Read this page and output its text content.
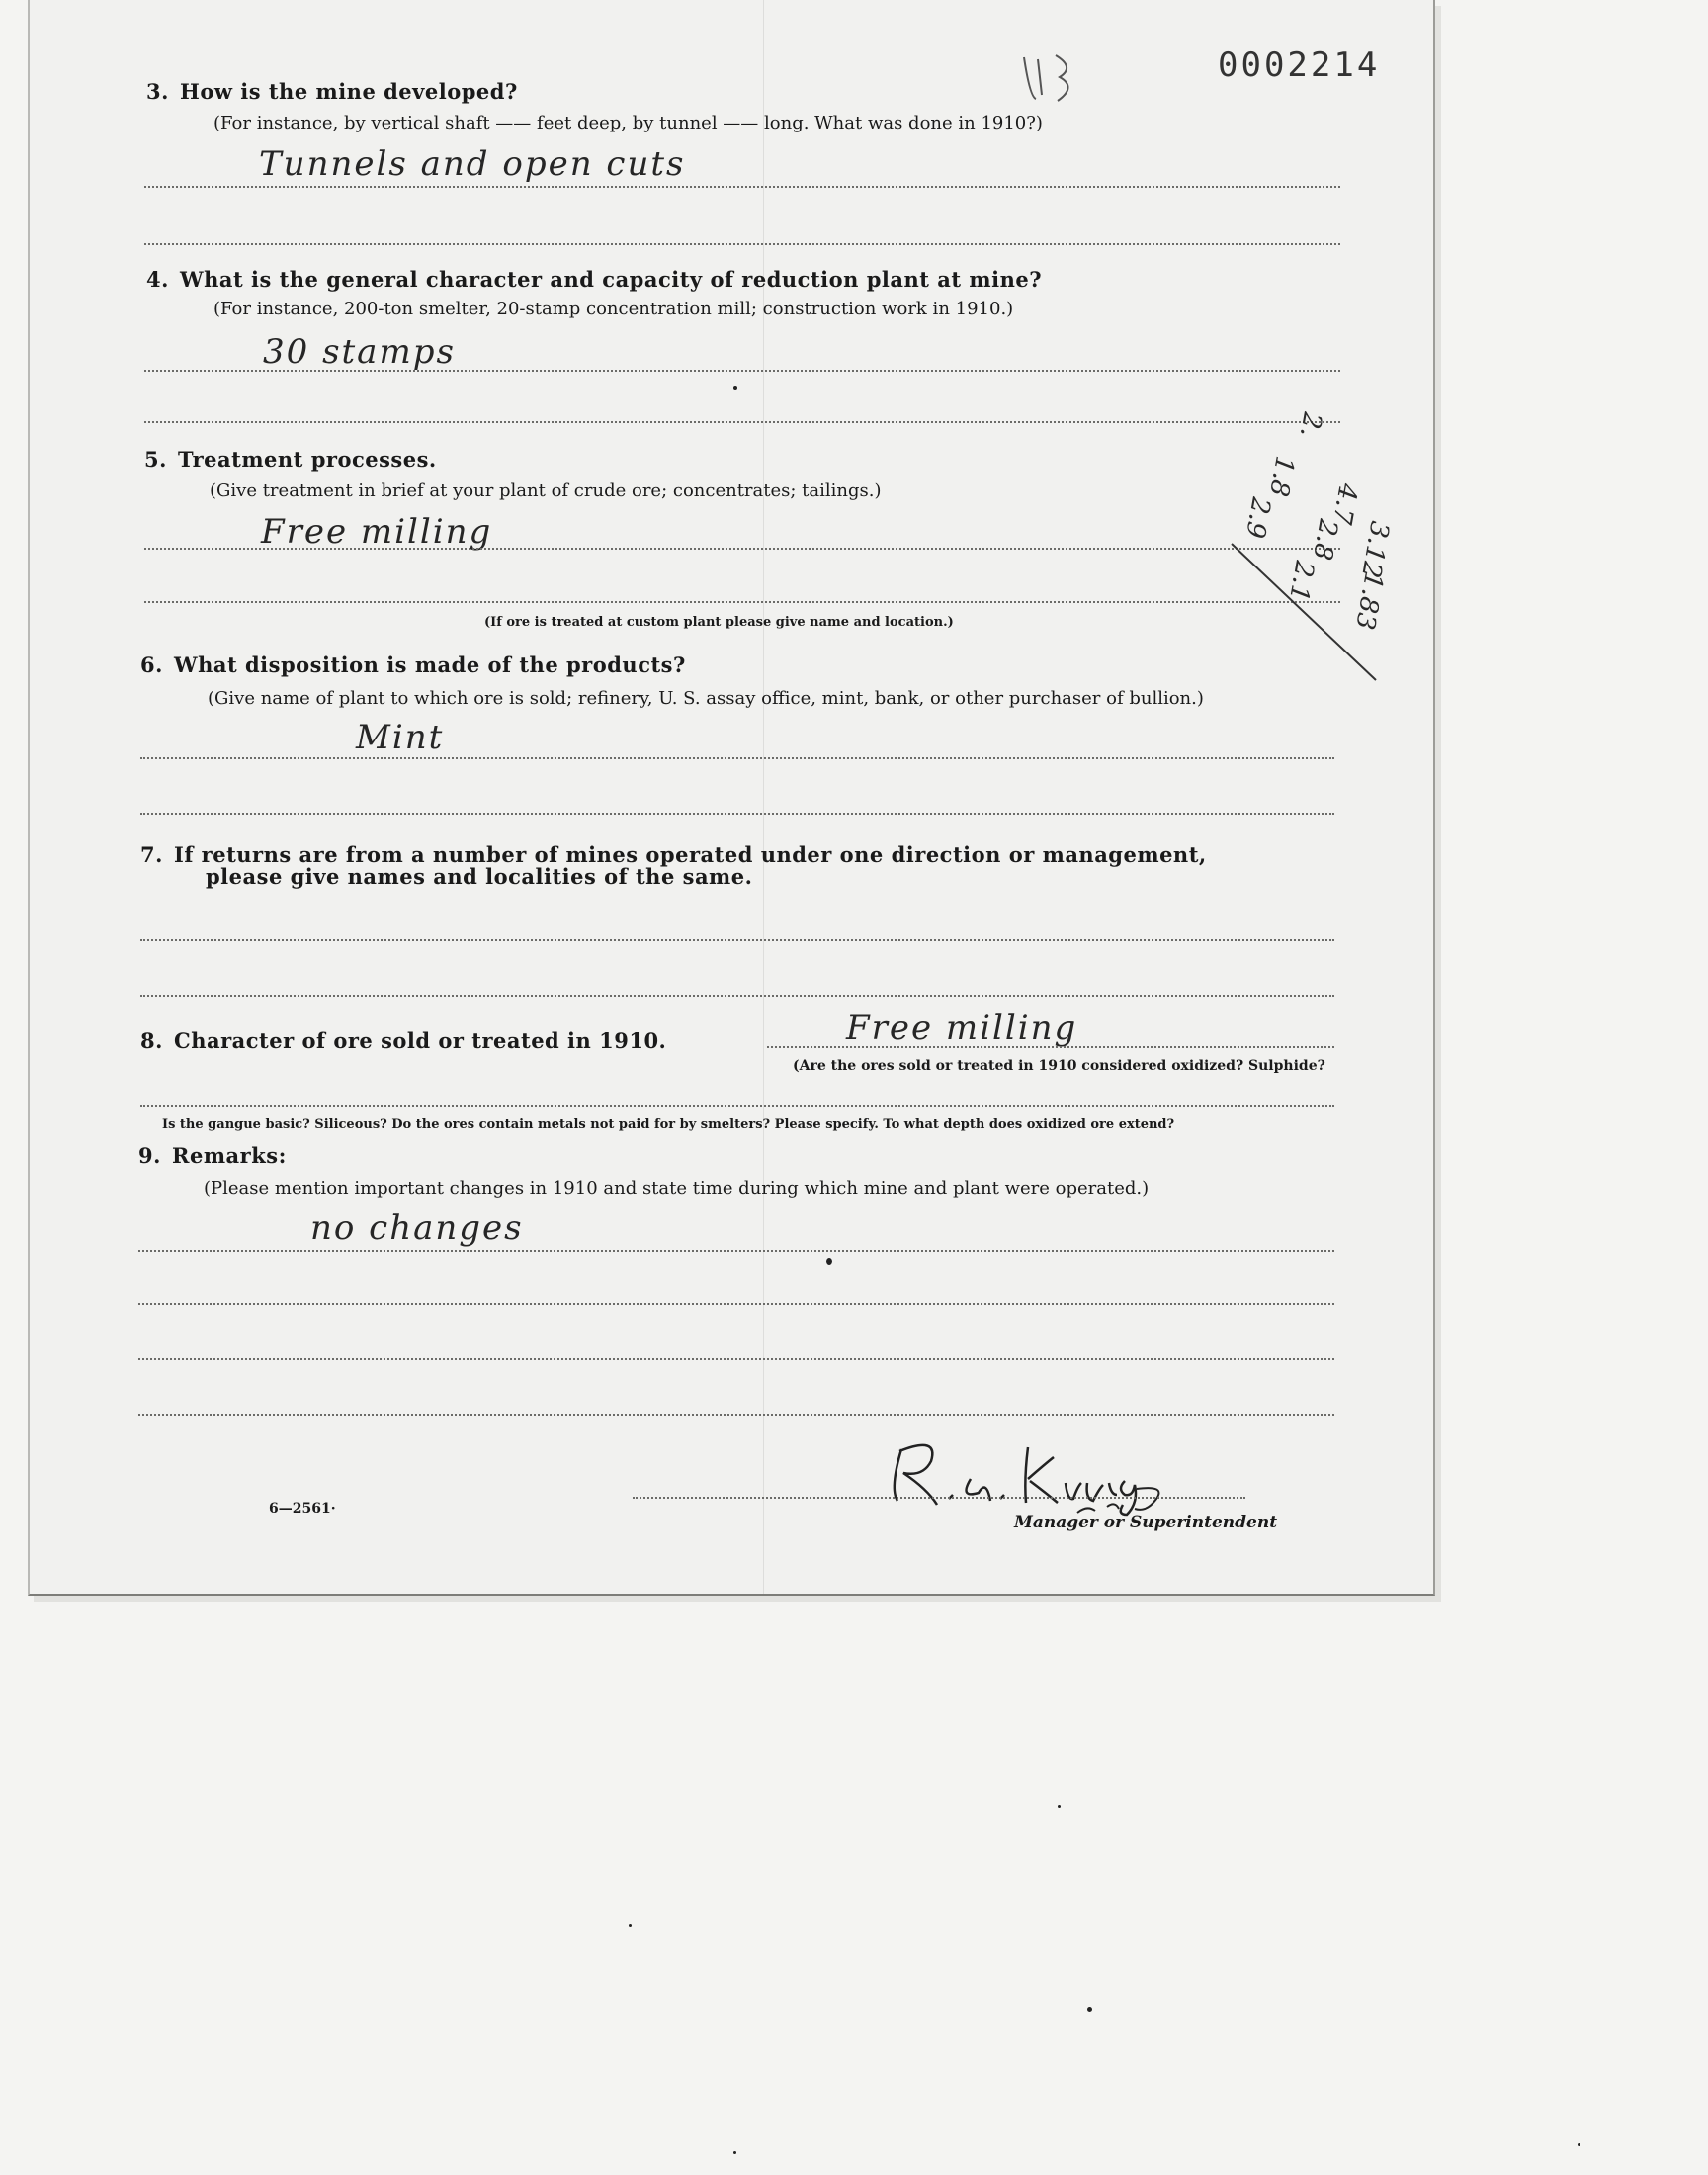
0002214
3. How is the mine developed?
(For instance, by vertical shaft —— feet deep, by tunnel —— long. What was done in 1910?)
Tunnels and open cuts
4. What is the general character and capacity of reduction plant at mine?
(For instance, 200-ton smelter, 20-stamp concentration mill; construction work in 1910.)
30 stamps
5. Treatment processes.
(Give treatment in brief at your plant of crude ore; concentrates; tailings.)
Free milling
(If ore is treated at custom plant please give name and location.)
2.
1.8
2.9 4.7
2.8 3.12
2.1 1.83
6. What disposition is made of the products?
(Give name of plant to which ore is sold; refinery, U. S. assay office, mint, bank, or other purchaser of bullion.)
Mint
7. If returns are from a number of mines operated under one direction or management,
please give names and localities of the same.
8. Character of ore sold or treated in 1910.	Free milling
(Are the ores sold or treated in 1910 considered oxidized? Sulphide?
Is the gangue basic? Siliceous? Do the ores contain metals not paid for by smelters? Please specify. To what depth does oxidized ore extend?
9. Remarks:
(Please mention important changes in 1910 and state time during which mine and plant were operated.)
no changes
6—2561·
Manager or Superintendent
